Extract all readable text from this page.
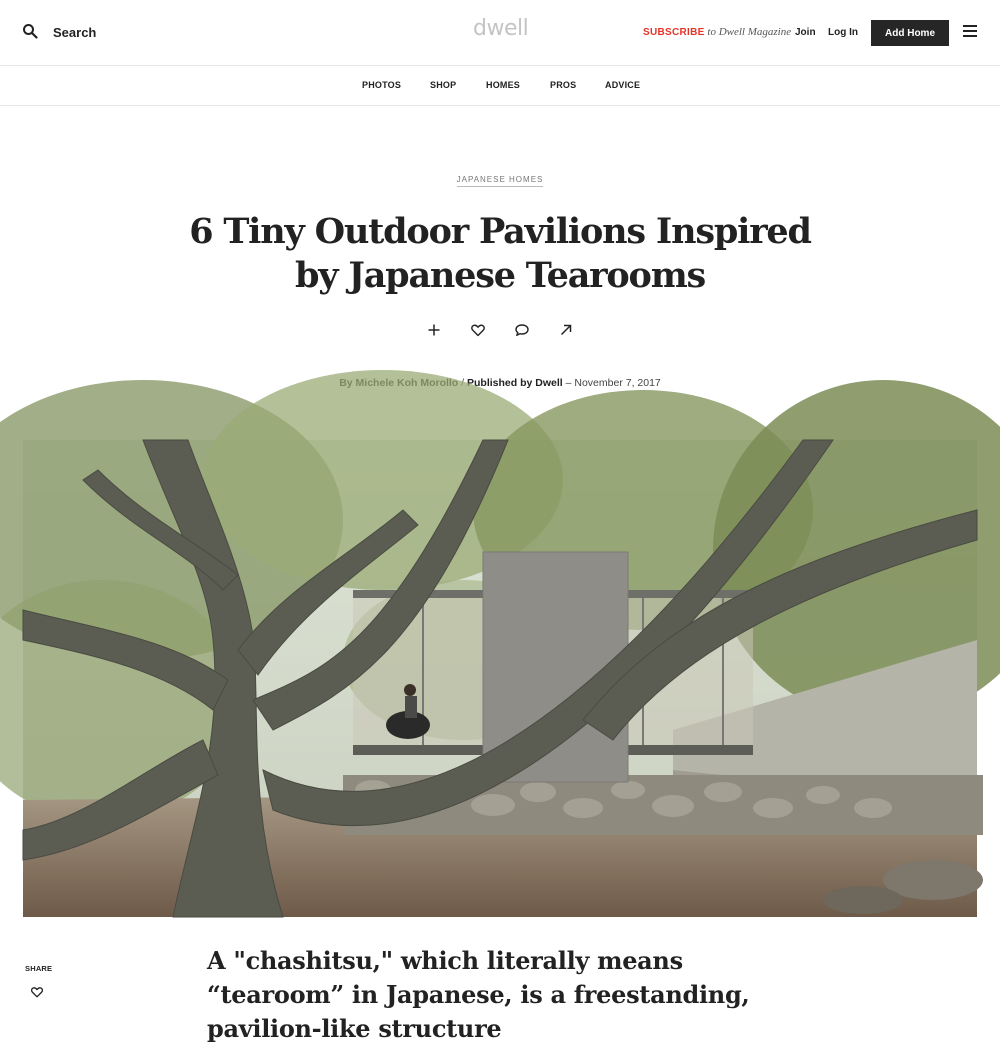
Search	dwell	SUBSCRIBE to Dwell Magazine Join Log In	Add Home
PHOTOS	SHOP	HOMES	PROS	ADVICE
JAPANESE HOMES
6 Tiny Outdoor Pavilions Inspired
by Japanese Tearooms
Published by Dwell – November 7, 2017
SHARE	A "chashitsu," which literally means “tearoom” in Japanese, is a freestanding, pavilion-like structure
